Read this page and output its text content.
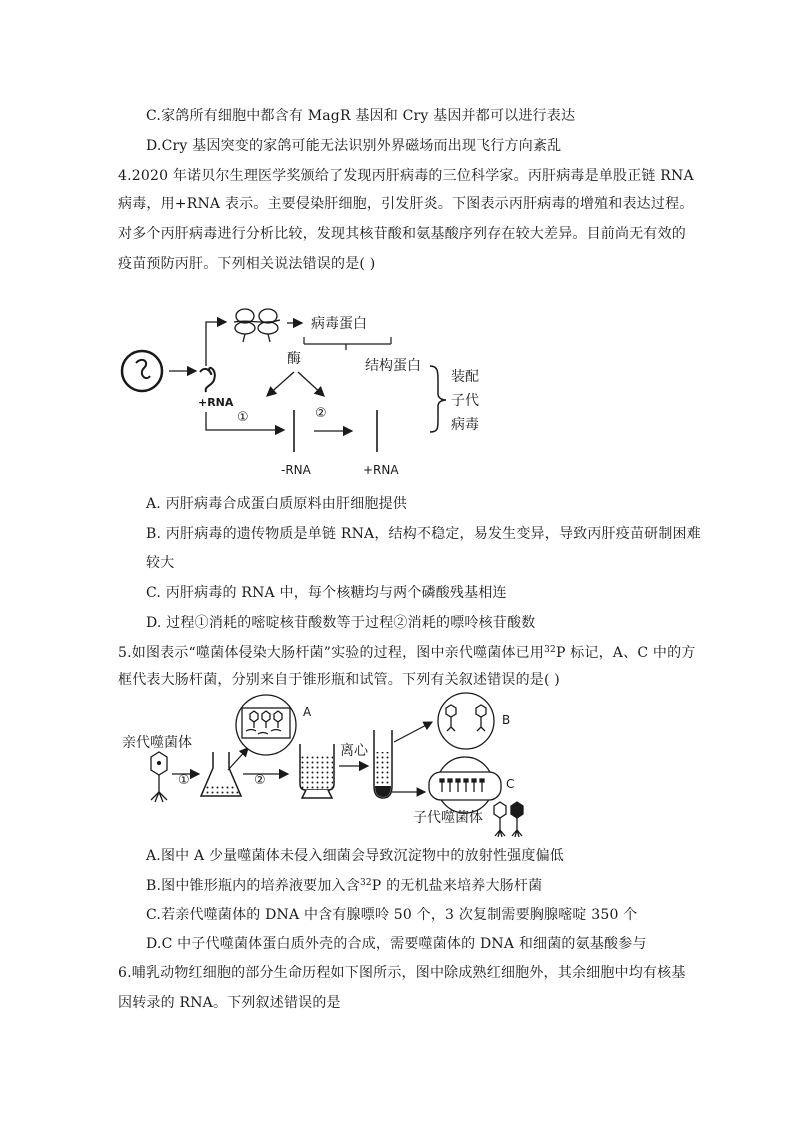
C.家鸽所有细胞中都含有 MagR 基因和 Cry 基因并都可以进行表达
D.Cry 基因突变的家鸽可能无法识别外界磁场而出现飞行方向紊乱
4.2020 年诺贝尔生理医学奖颁给了发现丙肝病毒的三位科学家。丙肝病毒是单股正链 RNA
病毒，用+RNA 表示。主要侵染肝细胞，引发肝炎。下图表示丙肝病毒的增殖和表达过程。
对多个丙肝病毒进行分析比较，发现其核苷酸和氨基酸序列存在较大差异。目前尚无有效的
疫苗预防丙肝。下列相关说法错误的是( )
病毒蛋白
酶	结构蛋白
装配
子代
病毒
+RNA
①	②
-RNA	+RNA
A. 丙肝病毒合成蛋白质原料由肝细胞提供
B. 丙肝病毒的遗传物质是单链 RNA，结构不稳定，易发生变异，导致丙肝疫苗研制困难
较大
C. 丙肝病毒的 RNA 中，每个核糖均与两个磷酸残基相连
D. 过程①消耗的嘧啶核苷酸数等于过程②消耗的嘌呤核苷酸数
5.如图表示“噬菌体侵染大肠杆菌”实验的过程，图中亲代噬菌体已用$^{32}$P 标记，A、C 中的方
框代表大肠杆菌，分别来自于锥形瓶和试管。下列有关叙述错误的是( )
亲代噬菌体
①
A
②
离心
B
C
子代噬菌体
A.图中 A 少量噬菌体未侵入细菌会导致沉淀物中的放射性强度偏低
B.图中锥形瓶内的培养液要加入含$^{32}$P 的无机盐来培养大肠杆菌
C.若亲代噬菌体的 DNA 中含有腺嘌呤 50 个，3 次复制需要胸腺嘧啶 350 个
D.C 中子代噬菌体蛋白质外壳的合成，需要噬菌体的 DNA 和细菌的氨基酸参与
6.哺乳动物红细胞的部分生命历程如下图所示，图中除成熟红细胞外，其余细胞中均有核基
因转录的 RNA。下列叙述错误的是
